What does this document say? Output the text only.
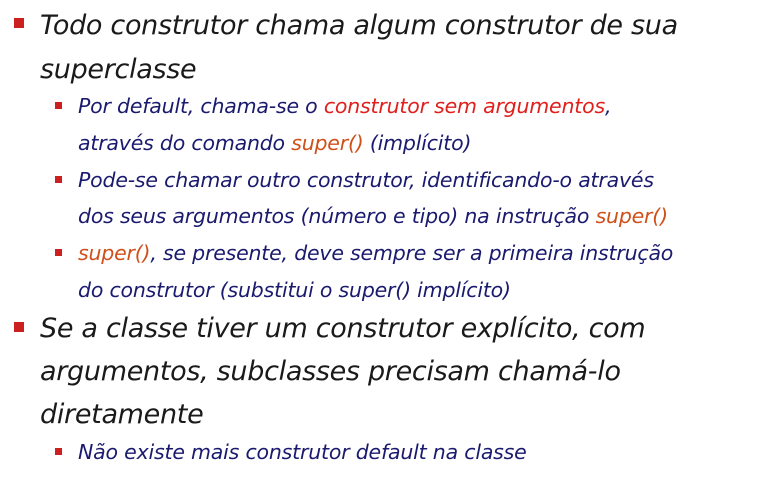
Todo construtor chama algum construtor de sua
superclasse
Por default, chama-se o construtor sem argumentos,
através do comando super() (implícito)
Pode-se chamar outro construtor, identificando-o através
dos seus argumentos (número e tipo) na instrução super()
super(), se presente, deve sempre ser a primeira instrução
do construtor (substitui o super() implícito)
Se a classe tiver um construtor explícito, com
argumentos, subclasses precisam chamá-lo
diretamente
Não existe mais construtor default na classe
